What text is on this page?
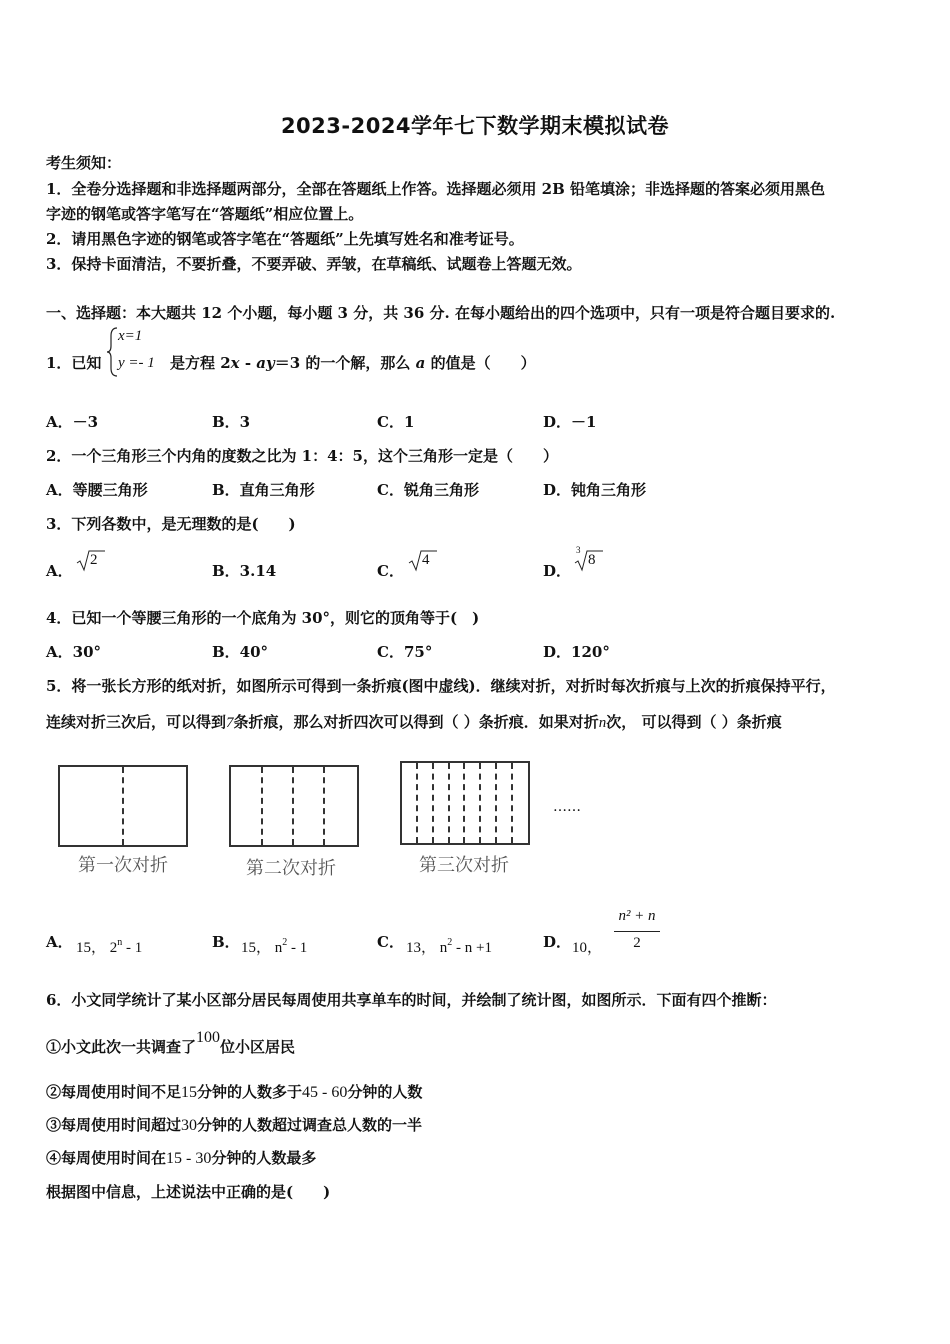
2023-2024学年七下数学期末模拟试卷
考生须知：
1．全卷分选择题和非选择题两部分，全部在答题纸上作答。选择题必须用 2B 铅笔填涂；非选择题的答案必须用黑色
字迹的钢笔或答字笔写在“答题纸”相应位置上。
2．请用黑色字迹的钢笔或答字笔在“答题纸”上先填写姓名和准考证号。
3．保持卡面清洁，不要折叠，不要弄破、弄皱，在草稿纸、试题卷上答题无效。
一、选择题：本大题共 12 个小题，每小题 3 分，共 36 分. 在每小题给出的四个选项中，只有一项是符合题目要求的.
1．已知
x=1
y =- 1 是方程 2x - ay＝3 的一个解，那么 a 的值是（　　）
A．－3	B．3	C．1	D．－1
2．一个三角形三个内角的度数之比为 1：4：5，这个三角形一定是（　　）
A．等腰三角形	B．直角三角形	C．锐角三角形	D．钝角三角形
3．下列各数中，是无理数的是(　　)
A．
2
B．3.14	C．
4
D．
3
8
4．已知一个等腰三角形的一个底角为 30°，则它的顶角等于(　)
A．30°	B．40°	C．75°	D．120°
5．将一张长方形的纸对折，如图所示可得到一条折痕(图中虚线)．继续对折，对折时每次折痕与上次的折痕保持平行，
连续对折三次后，可以得到7条折痕，那么对折四次可以得到（ ）条折痕．如果对折n次， 可以得到（ ）条折痕
第一次对折	第二次对折	第三次对折
……
A． 15， 2$^n$ - 1	B． 15， $n^2 - 1$	C． 13， $n^2 - n +1$	D． 10，
n² + n
2
6．小文同学统计了某小区部分居民每周使用共享单车的时间，并绘制了统计图，如图所示．下面有四个推断：
①小文此次一共调查了100位小区居民
②每周使用时间不足15分钟的人数多于45 - 60分钟的人数
③每周使用时间超过30分钟的人数超过调查总人数的一半
④每周使用时间在15 - 30分钟的人数最多
根据图中信息，上述说法中正确的是(　　)
